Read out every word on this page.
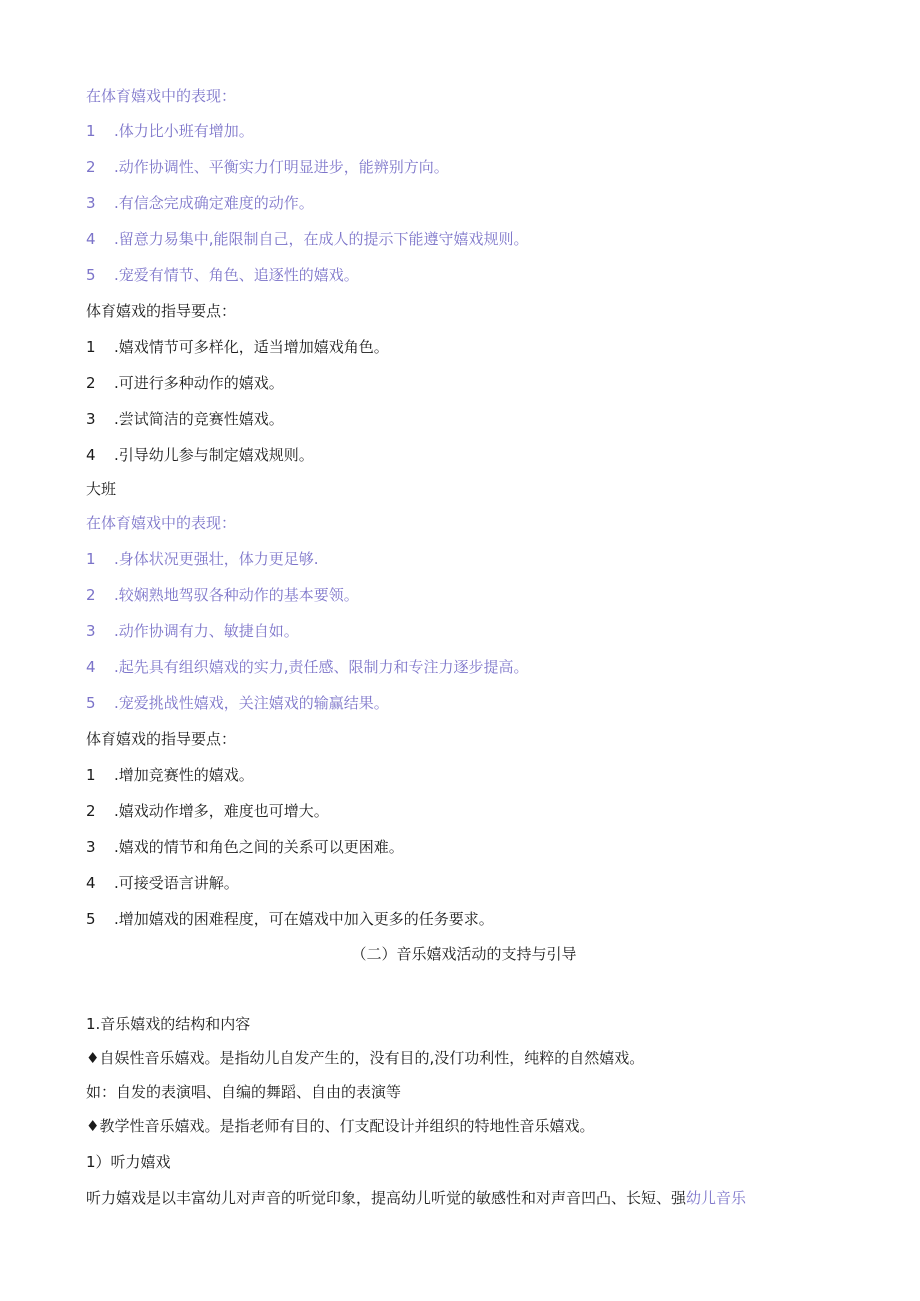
在体育嬉戏中的表现：
1 .体力比小班有增加。
2 .动作协调性、平衡实力仃明显进步，能辨别方向。
3 .有信念完成确定难度的动作。
4 .留意力易集中,能限制自己，在成人的提示下能遵守嬉戏规则。
5 .宠爱有情节、角色、追逐性的嬉戏。
体育嬉戏的指导要点：
1 .嬉戏情节可多样化，适当增加嬉戏角色。
2 .可进行多种动作的嬉戏。
3 .尝试简洁的竞赛性嬉戏。
4 .引导幼儿参与制定嬉戏规则。
大班
在体育嬉戏中的表现：
1 .身体状况更强壮，体力更足够.
2 .较娴熟地驾驭各种动作的基本要领。
3 .动作协调有力、敏捷自如。
4 .起先具有组织嬉戏的实力,责任感、限制力和专注力逐步提高。
5 .宠爱挑战性嬉戏，关注嬉戏的输赢结果。
体育嬉戏的指导要点：
1 .增加竞赛性的嬉戏。
2 .嬉戏动作增多，难度也可增大。
3 .嬉戏的情节和角色之间的关系可以更困难。
4 .可接受语言讲解。
5 .增加嬉戏的困难程度，可在嬉戏中加入更多的任务要求。
（二）音乐嬉戏活动的支持与引导
1.音乐嬉戏的结构和内容
♦自娱性音乐嬉戏。是指幼儿自发产生的，没有目的,没仃功利性，纯粹的自然嬉戏。
如：自发的表演唱、自编的舞蹈、自由的表演等
♦教学性音乐嬉戏。是指老师有目的、仃支配设计并组织的特地性音乐嬉戏。
1）听力嬉戏
听力嬉戏是以丰富幼儿对声音的听觉印象，提高幼儿听觉的敏感性和对声音凹凸、长短、强幼儿音乐
